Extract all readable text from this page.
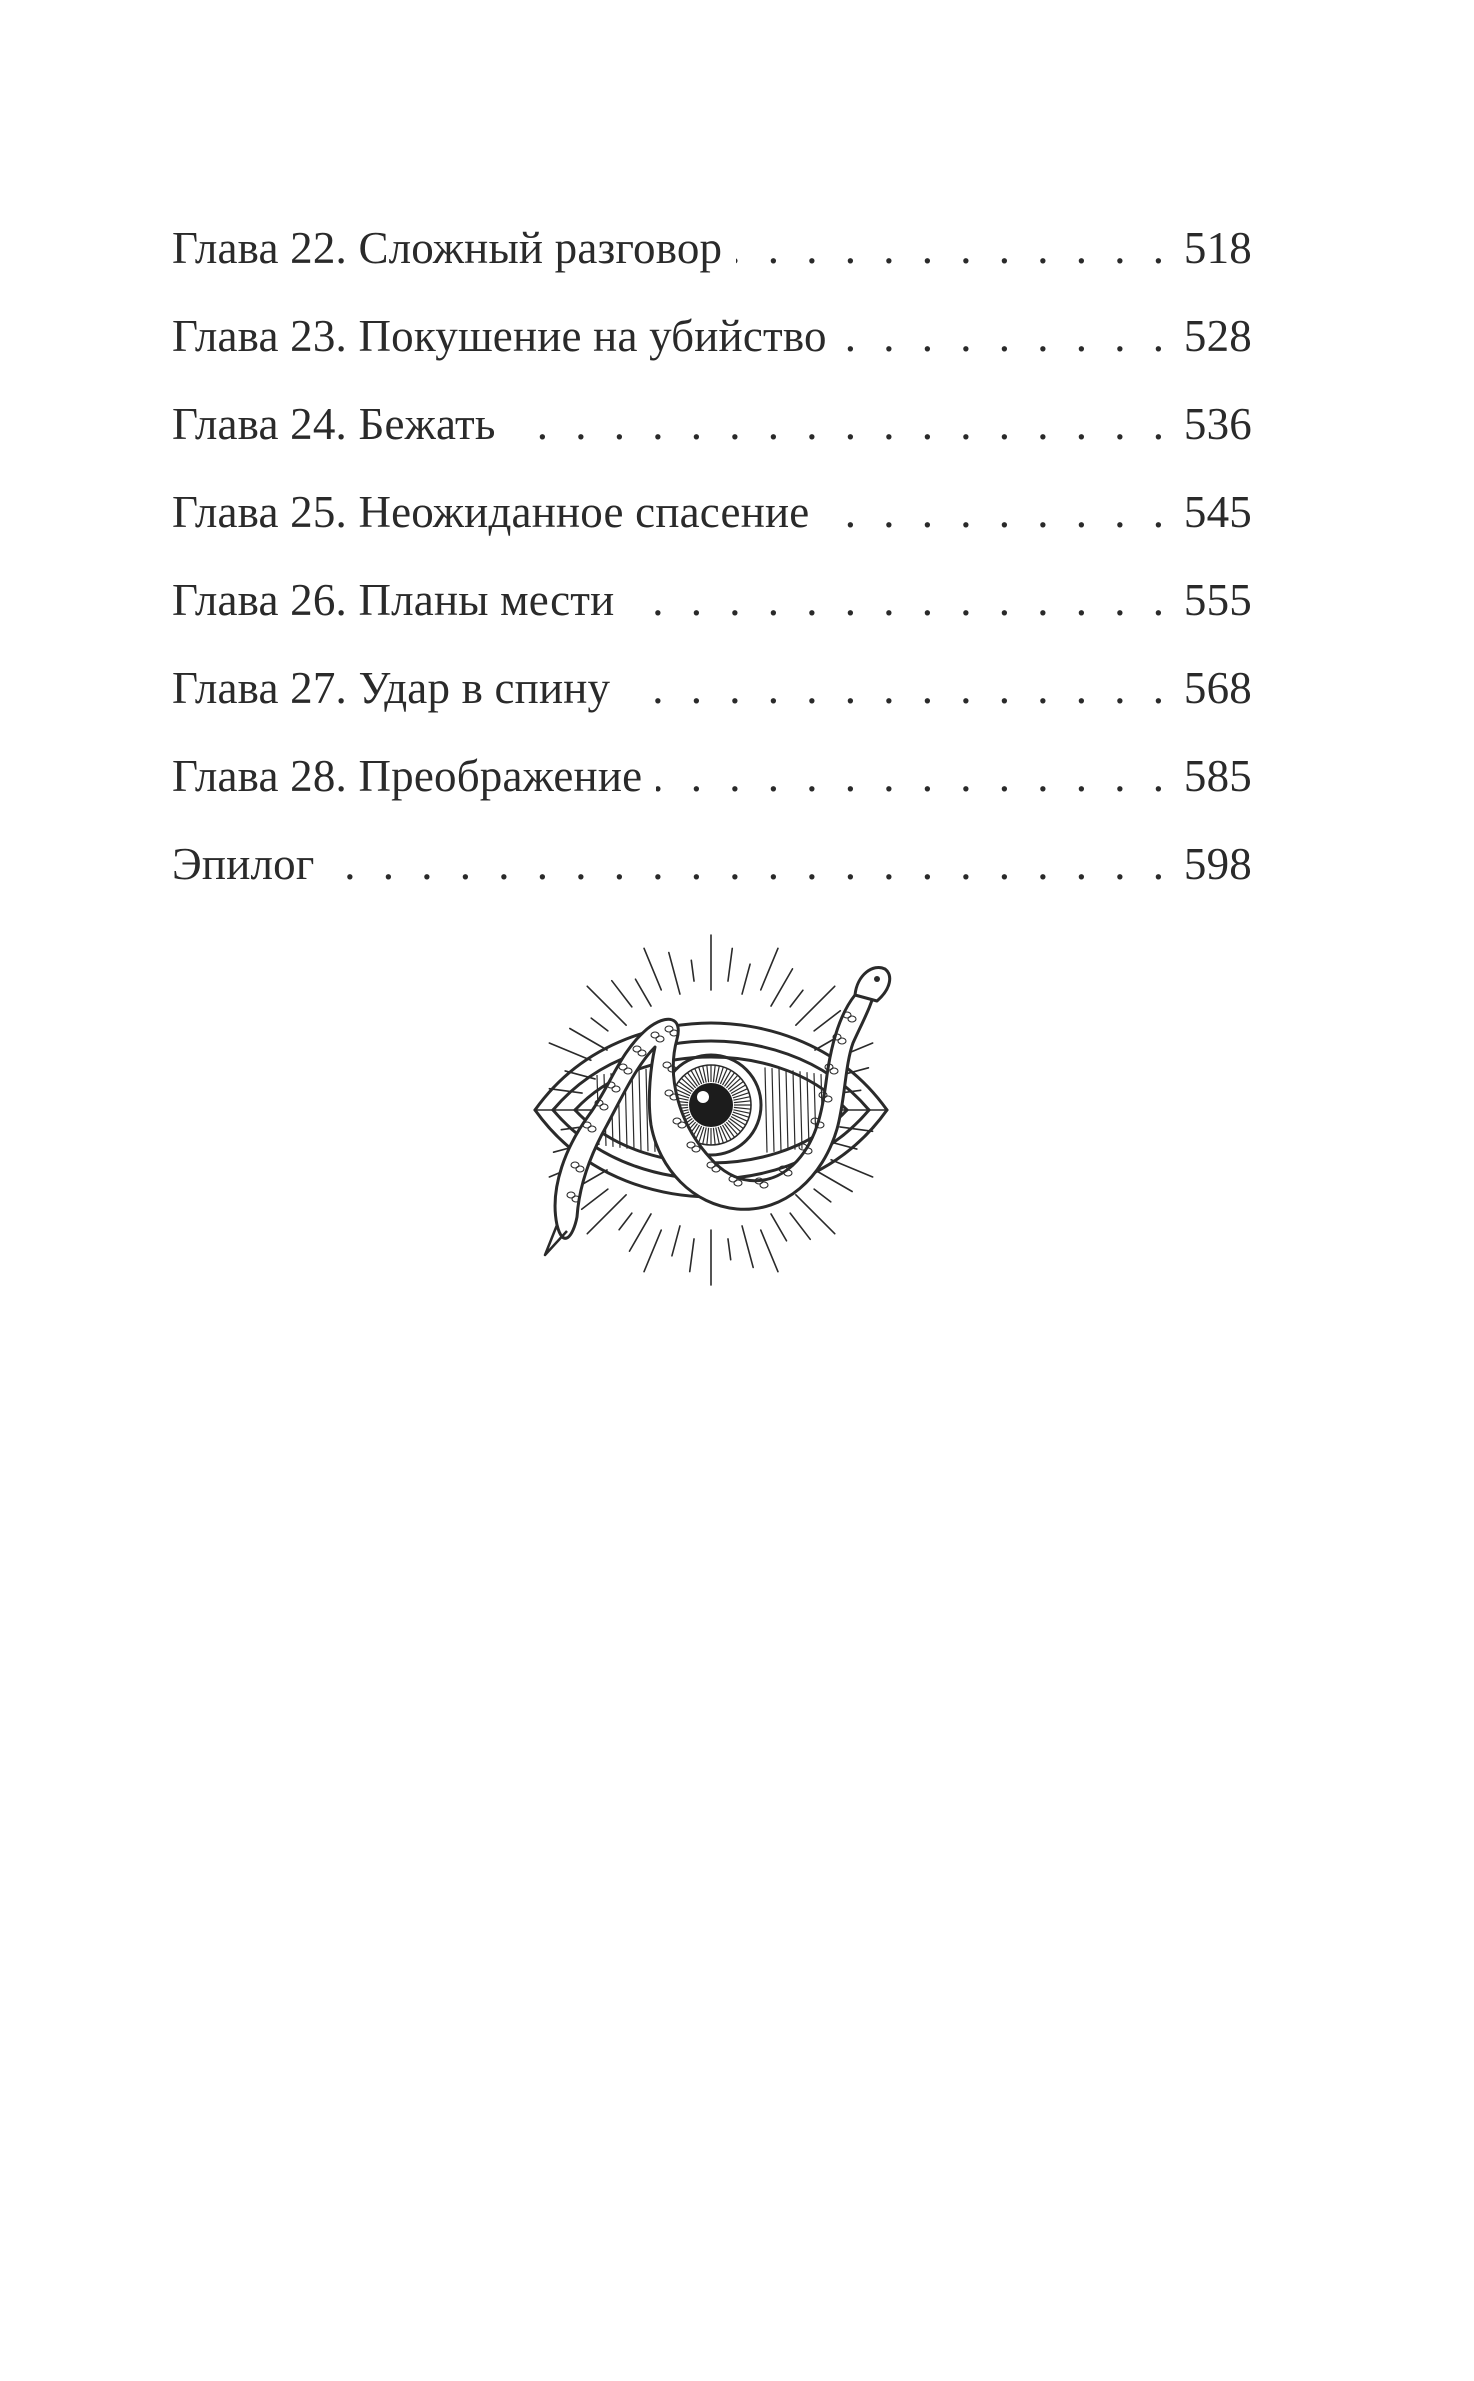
Глава 22. Сложный разговор . . .	518
Глава 23. Покушение на убийство . . .	528
Глава 24. Бежать . . .	536
Глава 25. Неожиданное спасение . . .	545
Глава 26. Планы мести . . .	555
Глава 27. Удар в спину . . .	568
Глава 28. Преображение . . .	585
Эпилог . . .	598
